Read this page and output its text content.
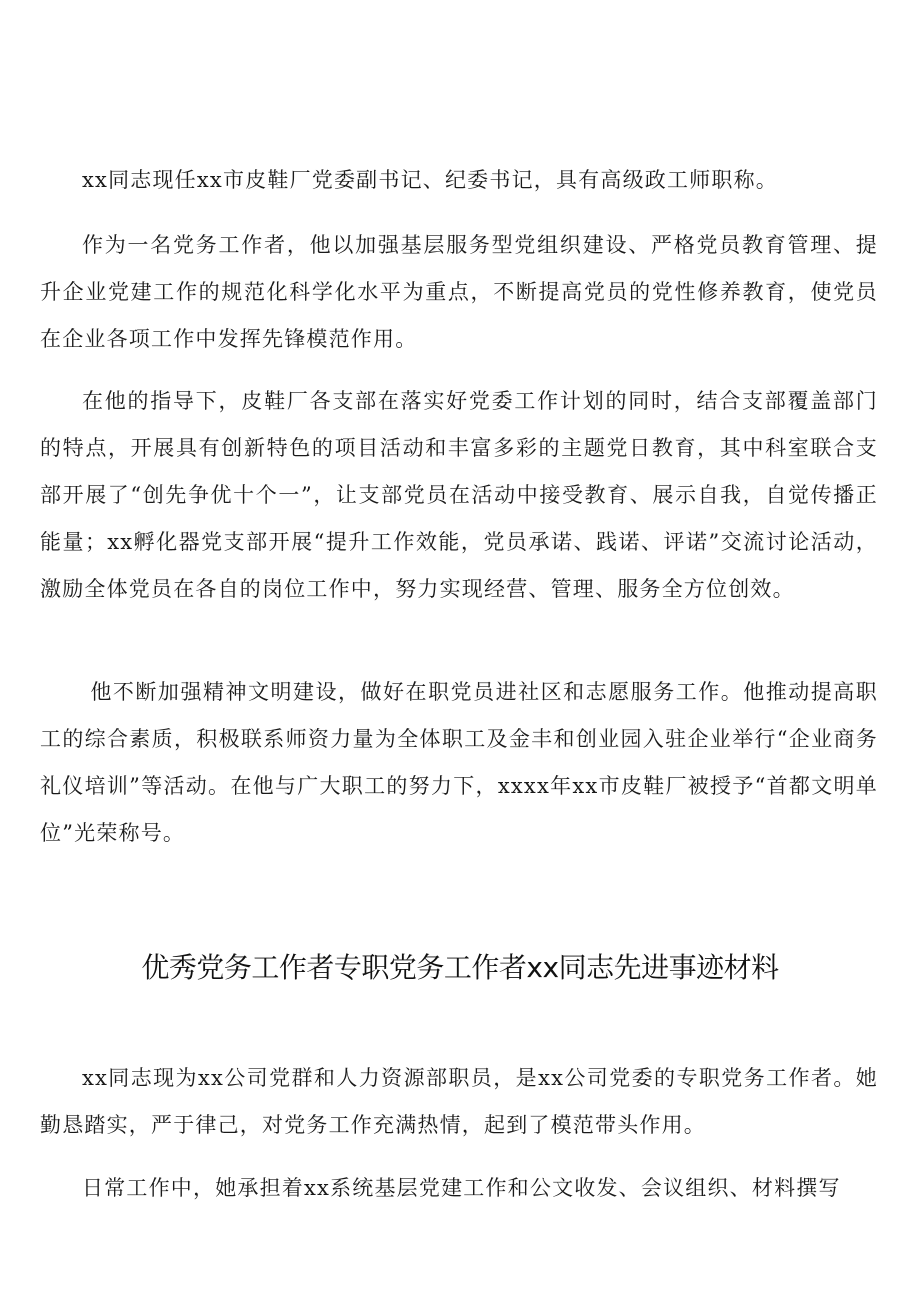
xx同志现任xx市皮鞋厂党委副书记、纪委书记，具有高级政工师职称。

作为一名党务工作者，他以加强基层服务型党组织建设、严格党员教育管理、提升企业党建工作的规范化科学化水平为重点，不断提高党员的党性修养教育，使党员在企业各项工作中发挥先锋模范作用。

在他的指导下，皮鞋厂各支部在落实好党委工作计划的同时，结合支部覆盖部门的特点，开展具有创新特色的项目活动和丰富多彩的主题党日教育，其中科室联合支部开展了“创先争优十个一”，让支部党员在活动中接受教育、展示自我，自觉传播正能量；xx孵化器党支部开展“提升工作效能，党员承诺、践诺、评诺”交流讨论活动，激励全体党员在各自的岗位工作中，努力实现经营、管理、服务全方位创效。

他不断加强精神文明建设，做好在职党员进社区和志愿服务工作。他推动提高职工的综合素质，积极联系师资力量为全体职工及金丰和创业园入驻企业举行“企业商务礼仪培训”等活动。在他与广大职工的努力下，xxxx年xx市皮鞋厂被授予“首都文明单位”光荣称号。

优秀党务工作者专职党务工作者xx同志先进事迹材料

xx同志现为xx公司党群和人力资源部职员，是xx公司党委的专职党务工作者。她勤恳踏实，严于律己，对党务工作充满热情，起到了模范带头作用。

日常工作中，她承担着xx系统基层党建工作和公文收发、会议组织、材料撰写
